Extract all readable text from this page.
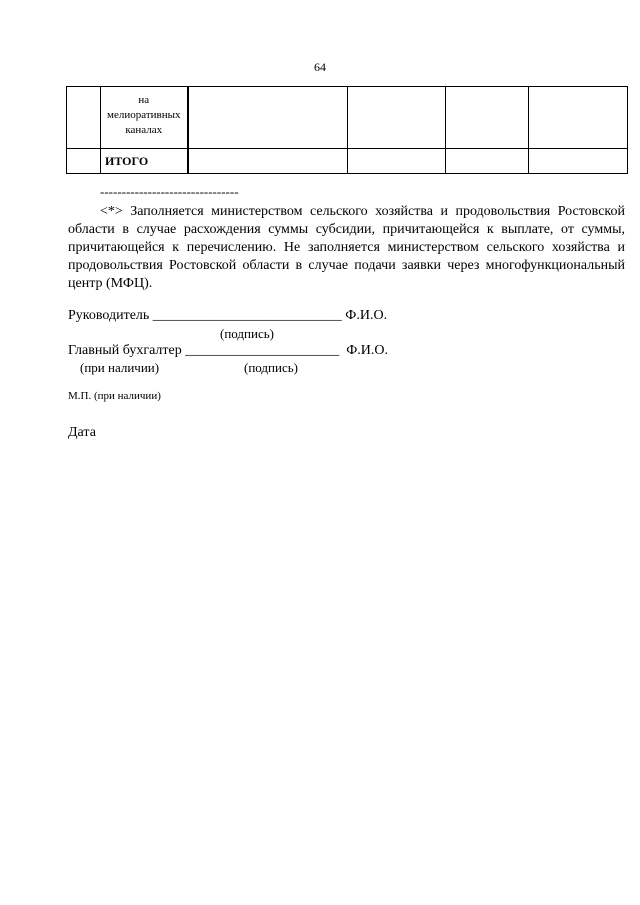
64

	на
мелиоративных
каналах				

	ИТОГО				
--------------------------------

<*> Заполняется министерством сельского хозяйства и продовольствия Ростовской области в случае расхождения суммы субсидии, причитающейся к выплате, от суммы, причитающейся к перечислению. Не заполняется министерством сельского хозяйства и продовольствия Ростовской области в случае подачи заявки через многофункциональный центр (МФЦ).

Руководитель ___________________________ Ф.И.О.
(подпись)
Главный бухгалтер ______________________  Ф.И.О.
(при наличии)	(подпись)
М.П. (при наличии)
Дата
